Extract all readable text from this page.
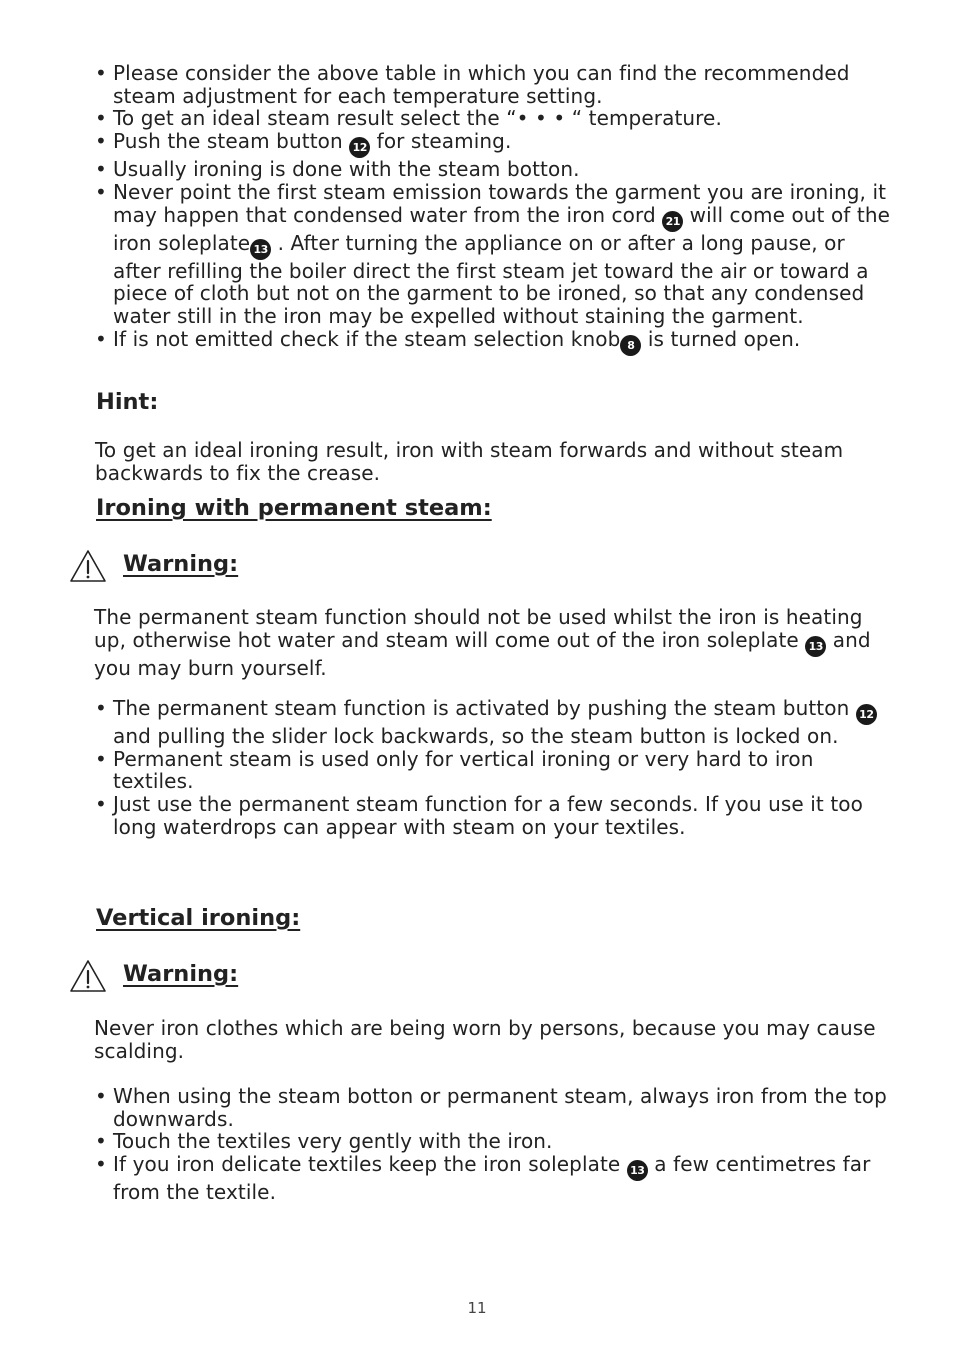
• Please consider the above table in which you can find the recommended steam adjustment for each temperature setting.
• To get an ideal steam result select the “• • • “ temperature.
• Push the steam button 12 for steaming.
• Usually ironing is done with the steam botton.
• Never point the first steam emission towards the garment you are ironing, it may happen that condensed water from the iron cord 21 will come out of the iron soleplate 13 . After turning the appliance on or after a long pause, or after refilling the boiler direct the first steam jet toward the air or toward a piece of cloth but not on the garment to be ironed, so that any condensed water still in the iron may be expelled without staining the garment.
• If is not emitted check if the steam selection knob 8 is turned open.
Hint:
To get an ideal ironing result, iron with steam forwards and without steam backwards to fix the crease.
Ironing with permanent steam:
Warning:
The permanent steam function should not be used whilst the iron is heating up, otherwise hot water and steam will come out of the iron soleplate 13 and you may burn yourself.
• The permanent steam function is activated by pushing the steam button 12 and pulling the slider lock backwards, so the steam button is locked on.
• Permanent steam is used only for vertical ironing or very hard to iron textiles.
• Just use the permanent steam function for a few seconds. If you use it too long waterdrops can appear with steam on your textiles.
Vertical ironing:
Warning:
Never iron clothes which are being worn by persons, because you may cause scalding.
• When using the steam botton or permanent steam, always iron from the top downwards.
• Touch the textiles very gently with the iron.
• If you iron delicate textiles keep the iron soleplate 13 a few centimetres far from the textile.
11
